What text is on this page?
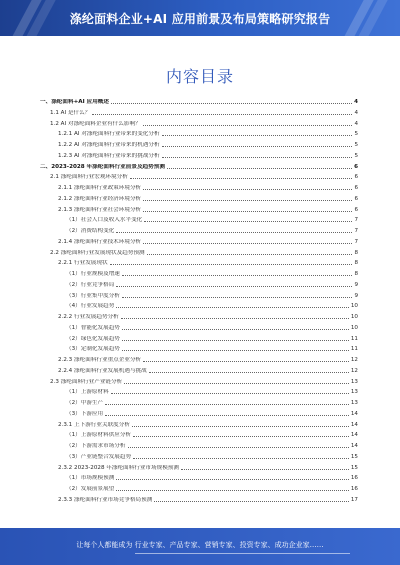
涤纶面料企业+AI 应用前景及布局策略研究报告
内容目录
一、涤纶面料+AI 应用概述	4
1.1 AI 是什么？	4
1.2 AI 对涤纶面料企业有什么影响？	4
1.2.1 AI 对涤纶面料行业带来的变化分析	5
1.2.2 AI 对涤纶面料行业带来的机遇分析	5
1.2.3 AI 对涤纶面料行业带来的挑战分析	5
二、2023-2028 年涤纶面料行业前景及趋势预测	6
2.1 涤纶面料行业宏观环境分析	6
2.1.1 涤纶面料行业政策环境分析	6
2.1.2 涤纶面料行业经济环境分析	6
2.1.3 涤纶面料行业社会环境分析	6
（1）社会人口及收入水平变化	7
（2）消费结构变化	7
2.1.4 涤纶面料行业技术环境分析	7
2.2 涤纶面料行业发展现状及趋势预测	8
2.2.1 行业发展现状	8
（1）行业规模及增速	8
（2）行业竞争格局	9
（3）行业集中度分析	9
（4）行业发展趋势	10
2.2.2 行业发展趋势分析	10
（1）智能化发展趋势	10
（2）绿色化发展趋势	11
（3）定制化发展趋势	11
2.2.3 涤纶面料行业重点企业分析	12
2.2.4 涤纶面料行业发展机遇与挑战	12
2.3 涤纶面料行业产业链分析	13
（1）上游原材料	13
（2）中游生产	13
（3）下游应用	14
2.3.1 上下游行业关联度分析	14
（1）上游原材料供应分析	14
（2）下游需求市场分析	14
（3）产业链整合发展趋势	15
2.3.2 2023-2028 年涤纶面料行业市场规模预测	15
（1）市场规模预测	16
（2）发展前景展望	16
2.3.3 涤纶面料行业市场竞争格局预测	17
让每个人都能成为 行业专家、产品专家、营销专家、投资专家、成功企业家……
